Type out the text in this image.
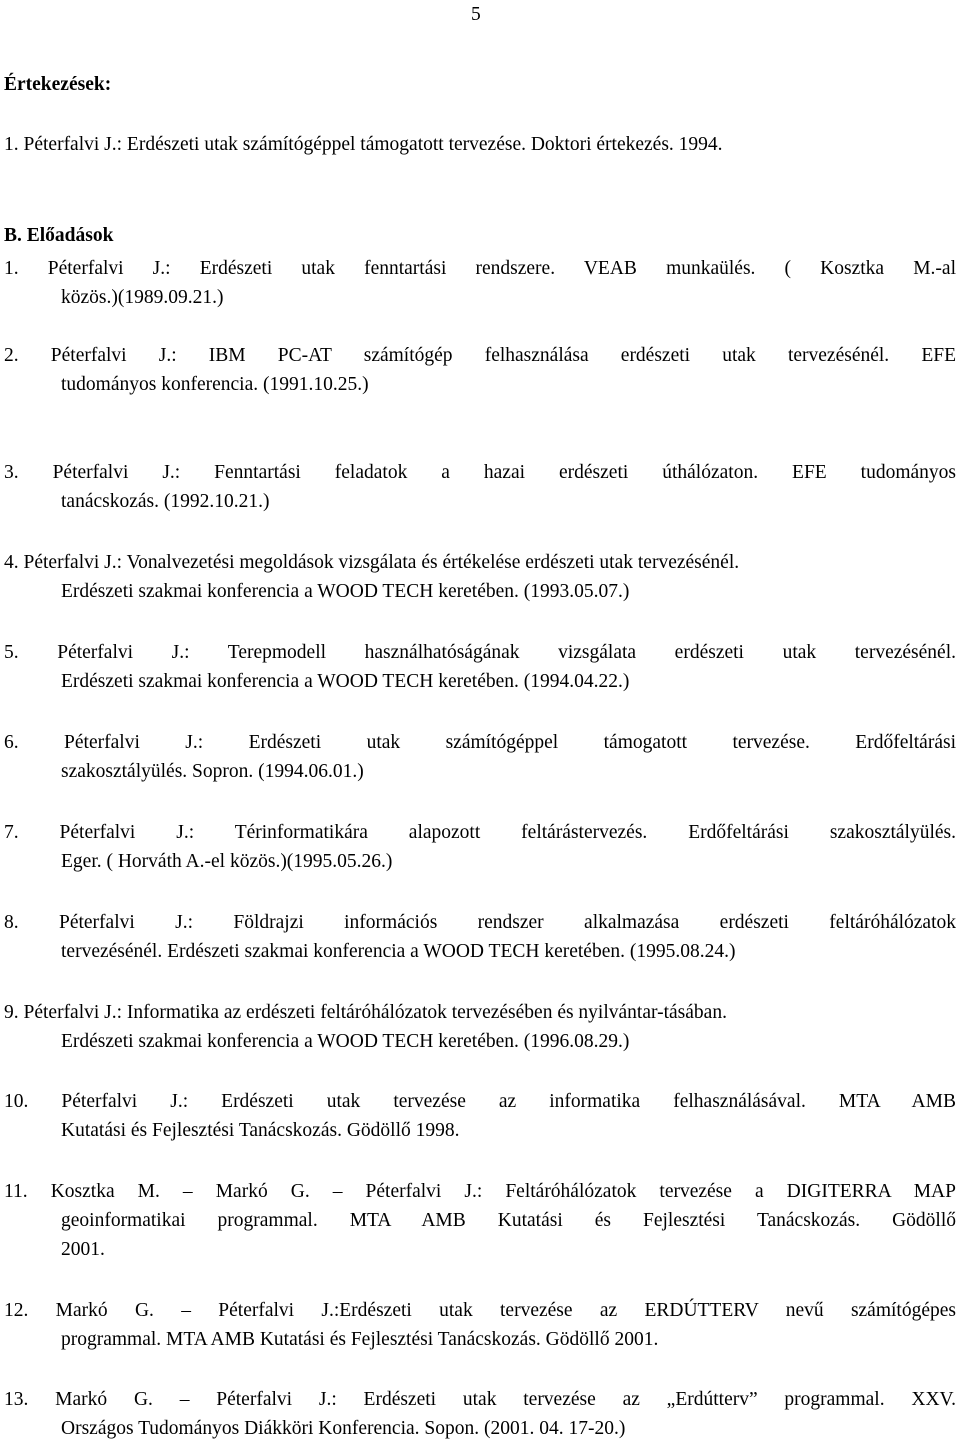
5
Értekezések:
1. Péterfalvi J.: Erdészeti utak számítógéppel támogatott tervezése. Doktori értekezés. 1994.
B. Előadások
1. Péterfalvi J.: Erdészeti utak fenntartási rendszere. VEAB munkaülés. ( Kosztka M.-al
közös.)(1989.09.21.)
2. Péterfalvi J.: IBM PC-AT számítógép felhasználása erdészeti utak tervezésénél. EFE
tudományos konferencia. (1991.10.25.)
3. Péterfalvi J.: Fenntartási feladatok a hazai erdészeti úthálózaton. EFE tudományos
tanácskozás. (1992.10.21.)
4. Péterfalvi J.: Vonalvezetési megoldások vizsgálata és értékelése erdészeti utak tervezésénél.
Erdészeti szakmai konferencia a WOOD TECH keretében. (1993.05.07.)
5. Péterfalvi J.: Terepmodell használhatóságának vizsgálata erdészeti utak tervezésénél.
Erdészeti szakmai konferencia a WOOD TECH keretében. (1994.04.22.)
6. Péterfalvi J.: Erdészeti utak számítógéppel támogatott tervezése. Erdőfeltárási
szakosztályülés. Sopron. (1994.06.01.)
7. Péterfalvi J.: Térinformatikára alapozott feltárástervezés. Erdőfeltárási szakosztályülés.
Eger. ( Horváth A.-el közös.)(1995.05.26.)
8. Péterfalvi J.: Földrajzi információs rendszer alkalmazása erdészeti feltáróhálózatok
tervezésénél. Erdészeti szakmai konferencia a WOOD TECH keretében. (1995.08.24.)
9. Péterfalvi J.: Informatika az erdészeti feltáróhálózatok tervezésében és nyilvántar-tásában.
Erdészeti szakmai konferencia a WOOD TECH keretében. (1996.08.29.)
10. Péterfalvi J.: Erdészeti utak tervezése az informatika felhasználásával. MTA AMB
Kutatási és Fejlesztési Tanácskozás. Gödöllő 1998.
11. Kosztka M. – Markó G. – Péterfalvi J.: Feltáróhálózatok tervezése a DIGITERRA MAP
geoinformatikai programmal. MTA AMB Kutatási és Fejlesztési Tanácskozás. Gödöllő
2001.
12. Markó G. – Péterfalvi J.:Erdészeti utak tervezése az ERDÚTTERV nevű számítógépes
programmal. MTA AMB Kutatási és Fejlesztési Tanácskozás. Gödöllő 2001.
13. Markó G. – Péterfalvi J.: Erdészeti utak tervezése az „Erdútterv” programmal. XXV.
Országos Tudományos Diákköri Konferencia. Sopon. (2001. 04. 17-20.)
